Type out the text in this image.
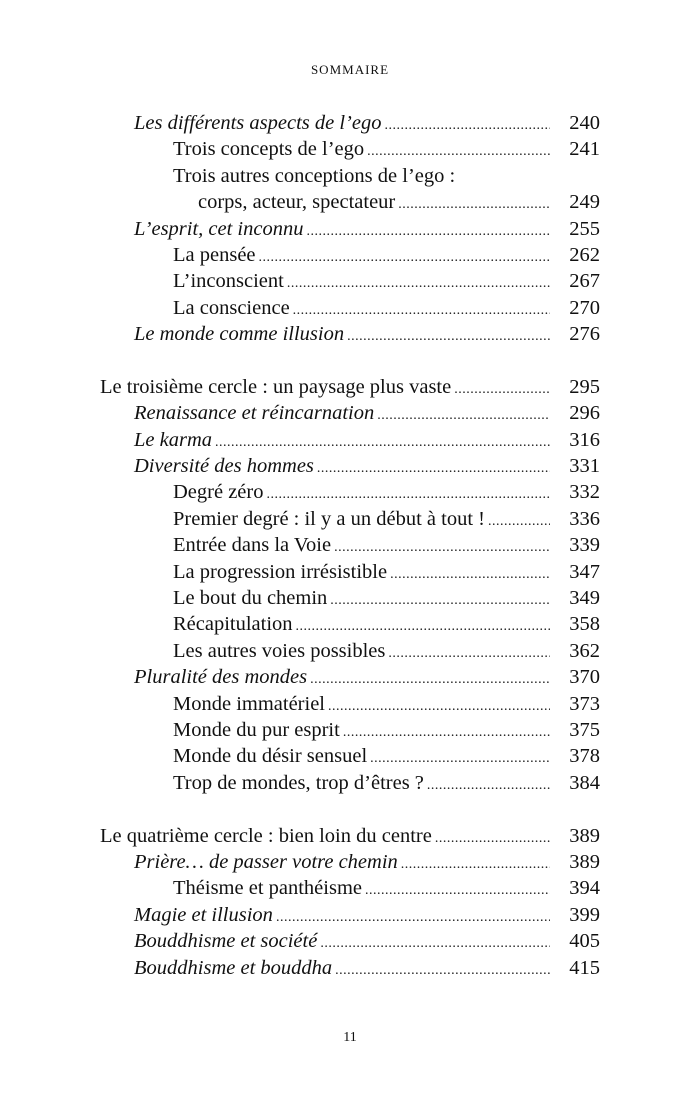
SOMMAIRE
Les différents aspects de l’ego .....	240
Trois concepts de l’ego .....	241
Trois autres conceptions de l’ego :
corps, acteur, spectateur .....	249
L’esprit, cet inconnu .....	255
La pensée .....	262
L’inconscient .....	267
La conscience .....	270
Le monde comme illusion .....	276
Le troisième cercle : un paysage plus vaste .....	295
Renaissance et réincarnation .....	296
Le karma .....	316
Diversité des hommes .....	331
Degré zéro .....	332
Premier degré : il y a un début à tout ! .....	336
Entrée dans la Voie .....	339
La progression irrésistible .....	347
Le bout du chemin .....	349
Récapitulation .....	358
Les autres voies possibles .....	362
Pluralité des mondes .....	370
Monde immatériel .....	373
Monde du pur esprit .....	375
Monde du désir sensuel .....	378
Trop de mondes, trop d’êtres ? .....	384
Le quatrième cercle : bien loin du centre .....	389
Prière… de passer votre chemin .....	389
Théisme et panthéisme .....	394
Magie et illusion .....	399
Bouddhisme et société .....	405
Bouddhisme et bouddha .....	415
11
